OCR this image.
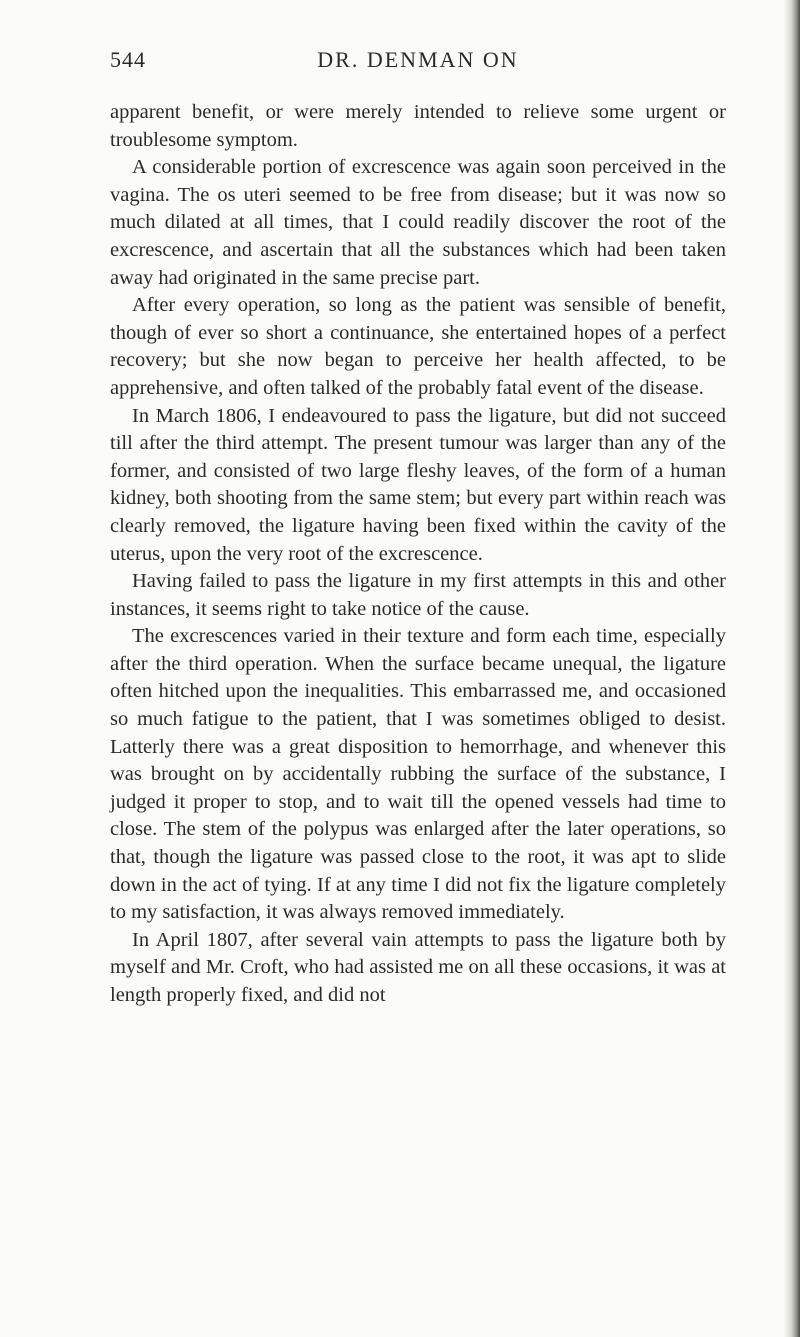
544	DR. DENMAN ON

apparent benefit, or were merely intended to relieve some urgent or troublesome symptom.

A considerable portion of excrescence was again soon perceived in the vagina. The os uteri seemed to be free from disease; but it was now so much dilated at all times, that I could readily discover the root of the excrescence, and ascertain that all the substances which had been taken away had originated in the same precise part.

After every operation, so long as the patient was sensible of benefit, though of ever so short a continuance, she entertained hopes of a perfect recovery; but she now began to perceive her health affected, to be apprehensive, and often talked of the probably fatal event of the disease.

In March 1806, I endeavoured to pass the ligature, but did not succeed till after the third attempt. The present tumour was larger than any of the former, and consisted of two large fleshy leaves, of the form of a human kidney, both shooting from the same stem; but every part within reach was clearly removed, the ligature having been fixed within the cavity of the uterus, upon the very root of the excrescence.

Having failed to pass the ligature in my first attempts in this and other instances, it seems right to take notice of the cause.

The excrescences varied in their texture and form each time, especially after the third operation. When the surface became unequal, the ligature often hitched upon the inequalities. This embarrassed me, and occasioned so much fatigue to the patient, that I was sometimes obliged to desist. Latterly there was a great disposition to hemorrhage, and whenever this was brought on by accidentally rubbing the surface of the substance, I judged it proper to stop, and to wait till the opened vessels had time to close. The stem of the polypus was enlarged after the later operations, so that, though the ligature was passed close to the root, it was apt to slide down in the act of tying. If at any time I did not fix the ligature completely to my satisfaction, it was always removed immediately.

In April 1807, after several vain attempts to pass the ligature both by myself and Mr. Croft, who had assisted me on all these occasions, it was at length properly fixed, and did not
